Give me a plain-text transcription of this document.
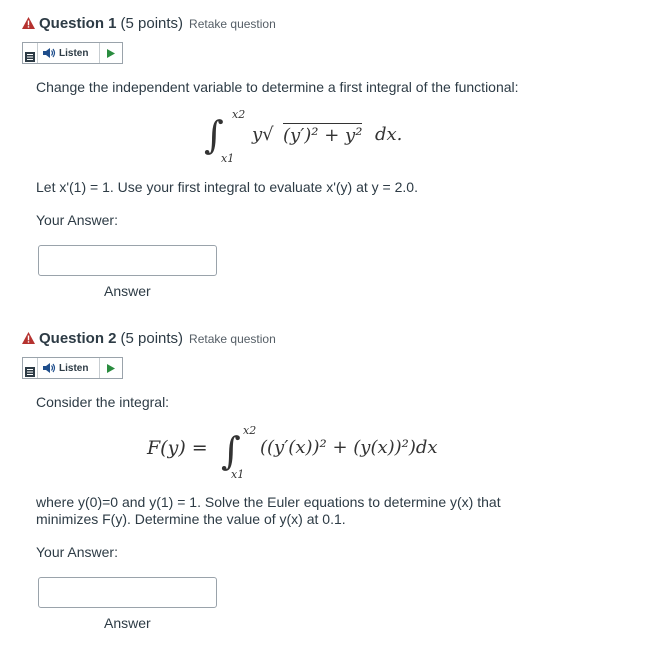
Question 1 (5 points) Retake question
Listen
Change the independent variable to determine a first integral of the functional:
∫ x2
x1
y√ (y′)² + y² dx.
Let x'(1) = 1. Use your first integral to evaluate x'(y) at y = 2.0.
Your Answer:
Answer
Question 2 (5 points) Retake question
Listen
Consider the integral:
F(y) = ∫ x2
x1
((y′(x))² + (y(x))²)dx
where y(0)=0 and y(1) = 1. Solve the Euler equations to determine y(x) that minimizes F(y). Determine the value of y(x) at 0.1.
Your Answer:
Answer
